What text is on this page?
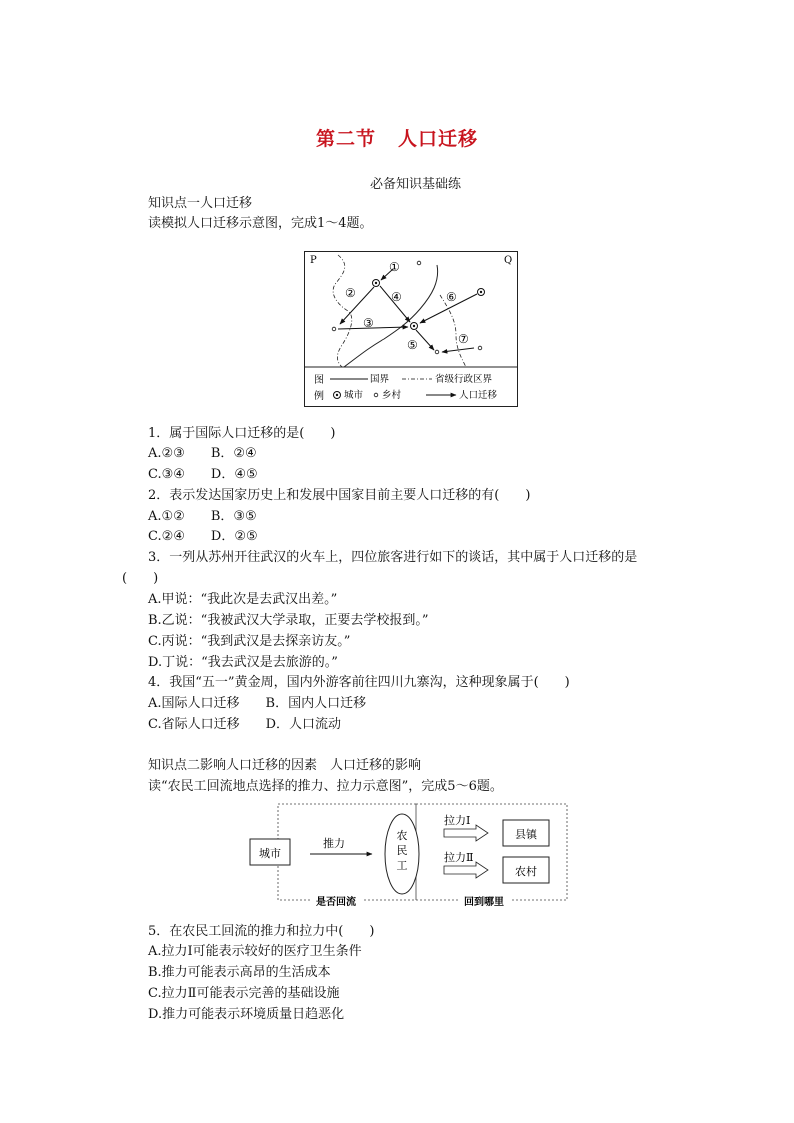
第二节 人口迁移
必备知识基础练
知识点一人口迁移
读模拟人口迁移示意图，完成1～4题。
P	Q
①
②
③
④
⑤
⑥
⑦
图
例
国界	省级行政区界
城市 乡村	人口迁移
1．属于国际人口迁移的是(　　)
A.②③　　B．②④
C.③④　　D．④⑤
2．表示发达国家历史上和发展中国家目前主要人口迁移的有(　　)
A.①②　　B．③⑤
C.②④　　D．②⑤
3．一列从苏州开往武汉的火车上，四位旅客进行如下的谈话，其中属于人口迁移的是
(　　)
A.甲说：“我此次是去武汉出差。”
B.乙说：“我被武汉大学录取，正要去学校报到。”
C.丙说：“我到武汉是去探亲访友。”
D.丁说：“我去武汉是去旅游的。”
4．我国“五一”黄金周，国内外游客前往四川九寨沟，这种现象属于(　　)
A.国际人口迁移　　B．国内人口迁移
C.省际人口迁移　　D．人口流动
知识点二影响人口迁移的因素　人口迁移的影响
读“农民工回流地点选择的推力、拉力示意图”，完成5～6题。
城市
推力
农
民
工
拉力Ⅰ
县镇
拉力Ⅱ
农村
是否回流	回到哪里
5．在农民工回流的推力和拉力中(　　)
A.拉力Ⅰ可能表示较好的医疗卫生条件
B.推力可能表示高昂的生活成本
C.拉力Ⅱ可能表示完善的基础设施
D.推力可能表示环境质量日趋恶化
